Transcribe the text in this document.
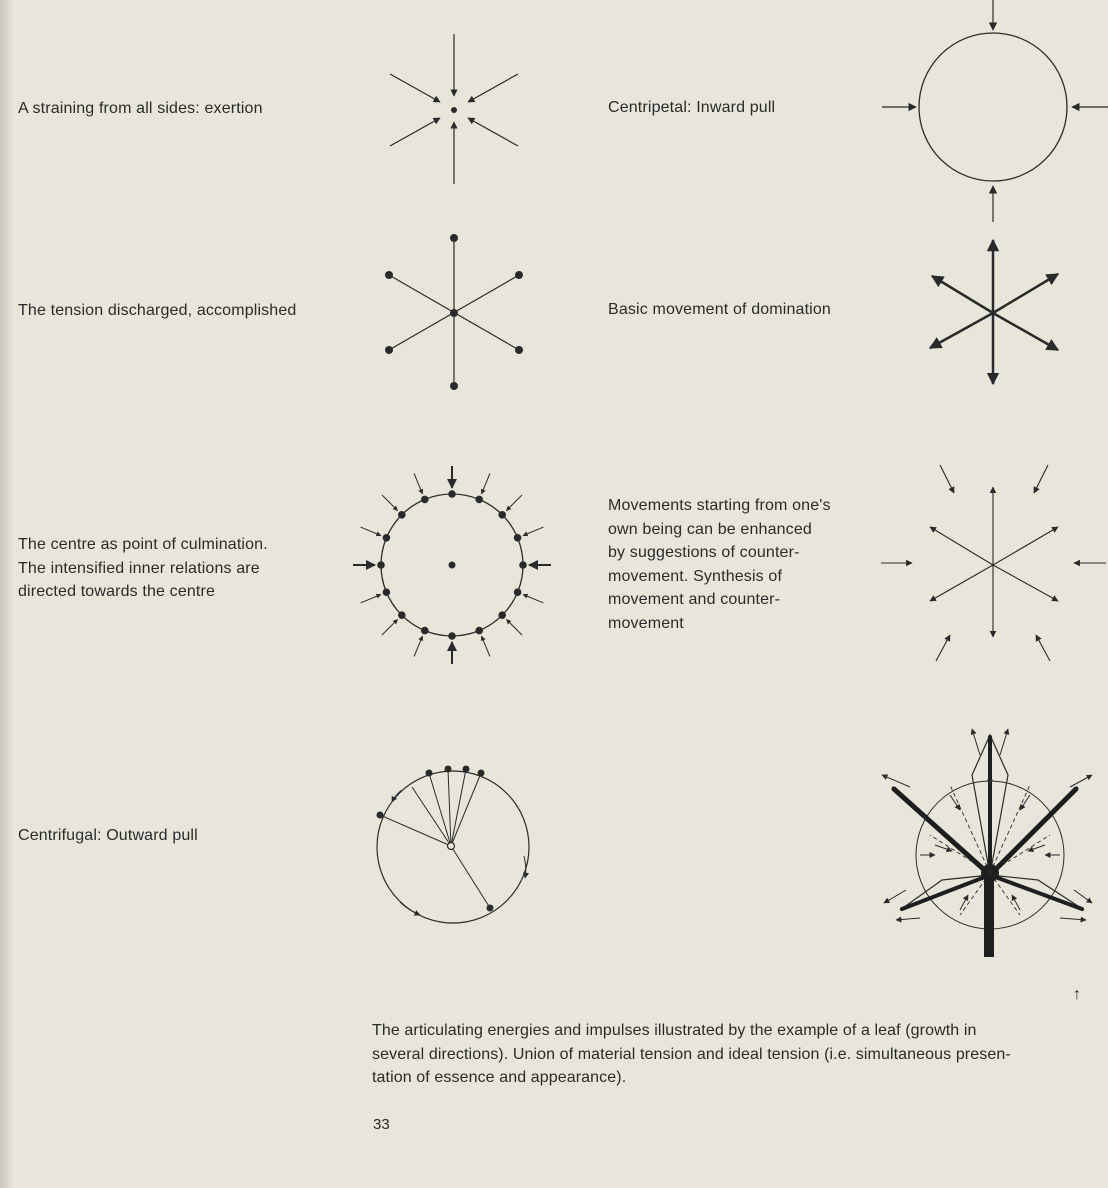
A straining from all sides: exertion
The tension discharged, accomplished
The centre as point of culmination.
The intensified inner relations are
directed towards the centre
Centrifugal: Outward pull
Centripetal: Inward pull
Basic movement of domination
Movements starting from one's
own being can be enhanced
by suggestions of counter-
movement. Synthesis of
movement and counter-
movement
↑
The articulating energies and impulses illustrated by the example of a leaf (growth in
several directions). Union of material tension and ideal tension (i.e. simultaneous presen-
tation of essence and appearance).
33
